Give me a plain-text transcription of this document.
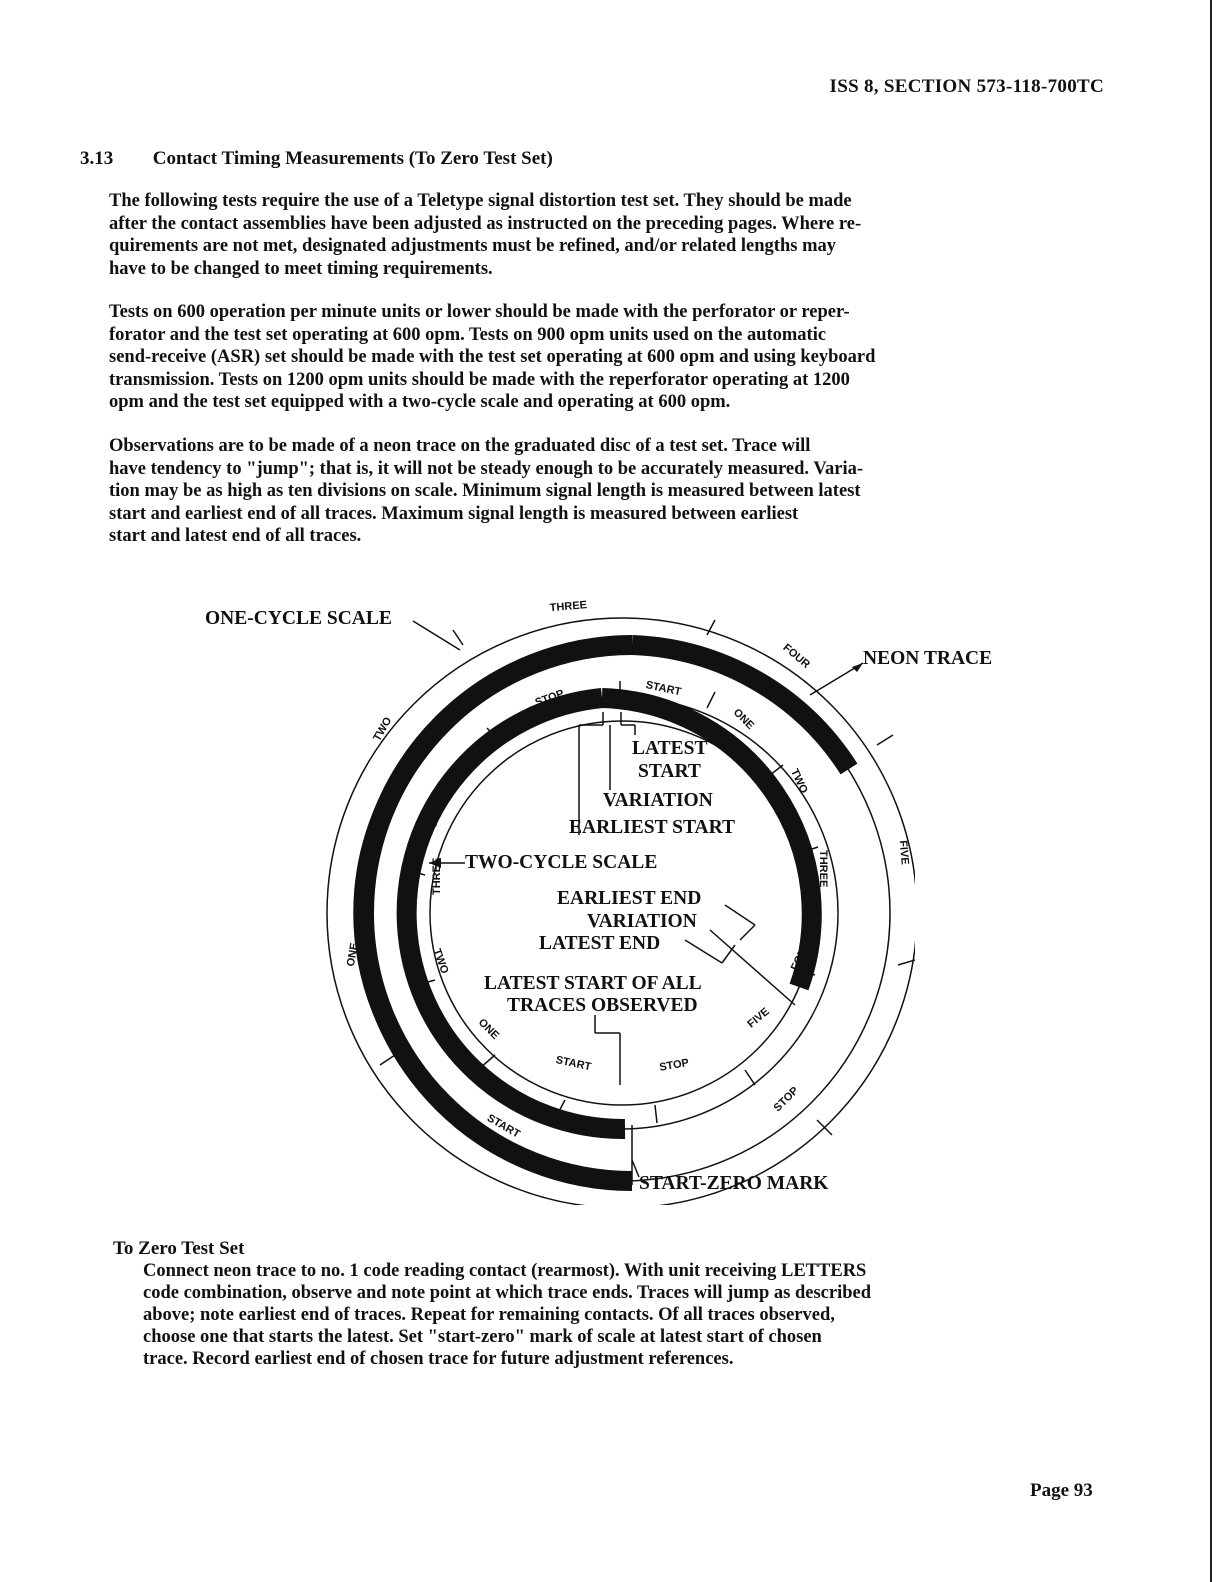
ISS 8, SECTION 573-118-700TC
3.13 Contact Timing Measurements (To Zero Test Set)
The following tests require the use of a Teletype signal distortion test set. They should be made
after the contact assemblies have been adjusted as instructed on the preceding pages. Where re-
quirements are not met, designated adjustments must be refined, and/or related lengths may
have to be changed to meet timing requirements.
Tests on 600 operation per minute units or lower should be made with the perforator or reper-
forator and the test set operating at 600 opm. Tests on 900 opm units used on the automatic
send-receive (ASR) set should be made with the test set operating at 600 opm and using keyboard
transmission. Tests on 1200 opm units should be made with the reperforator operating at 1200
opm and the test set equipped with a two-cycle scale and operating at 600 opm.
Observations are to be made of a neon trace on the graduated disc of a test set. Trace will
have tendency to "jump"; that is, it will not be steady enough to be accurately measured. Varia-
tion may be as high as ten divisions on scale. Minimum signal length is measured between latest
start and earliest end of all traces. Maximum signal length is measured between earliest
start and latest end of all traces.
THREE
FOUR
FIVE
STOP
START
ONE
TWO
START
ONE
TWO
THREE
FOUR
FIVE
STOP
START
ONE
TWO
THREE
FOUR
FIVE
STOP
ONE-CYCLE SCALE
NEON TRACE
LATEST
START
VARIATION
EARLIEST START
TWO-CYCLE SCALE
EARLIEST END
VARIATION
LATEST END
LATEST START OF ALL
TRACES OBSERVED
START-ZERO MARK
To Zero Test Set
Connect neon trace to no. 1 code reading contact (rearmost). With unit receiving LETTERS
code combination, observe and note point at which trace ends. Traces will jump as described
above; note earliest end of traces. Repeat for remaining contacts. Of all traces observed,
choose one that starts the latest. Set "start-zero" mark of scale at latest start of chosen
trace. Record earliest end of chosen trace for future adjustment references.
Page 93
